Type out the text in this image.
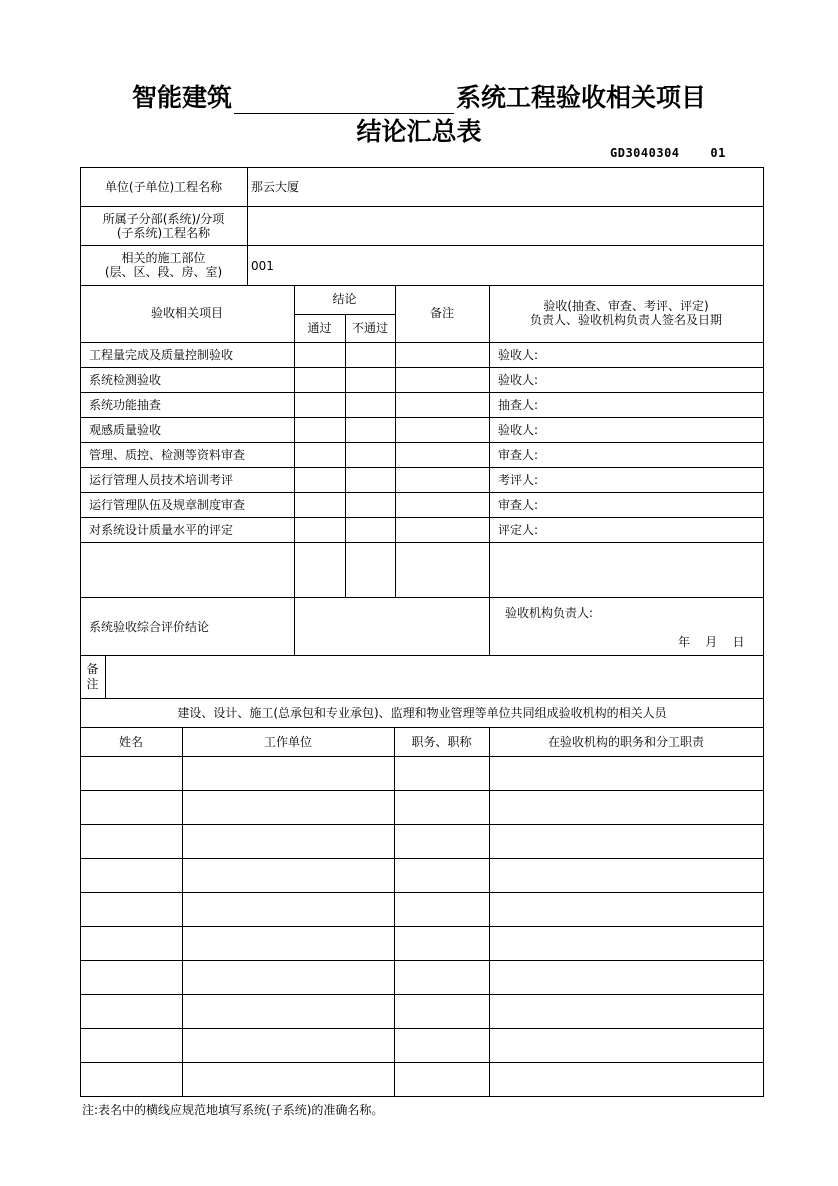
智能建筑	系统工程验收相关项目
结论汇总表
GD3040304    01
单位(子单位)工程名称	那云大厦
所属子分部(系统)/分项
(子系统)工程名称
相关的施工部位
(层、区、段、房、室)	001
验收相关项目
结论
通过	不通过
备注	验收(抽查、审查、考评、评定)
负责人、验收机构负责人签名及日期
工程量完成及质量控制验收	验收人:
系统检测验收	验收人:
系统功能抽查	抽查人:
观感质量验收	验收人:
管理、质控、检测等资料审查	审查人:
运行管理人员技术培训考评	考评人:
运行管理队伍及规章制度审查	审查人:
对系统设计质量水平的评定	评定人:
系统验收综合评价结论
验收机构负责人:
年    月    日
备
注
建设、设计、施工(总承包和专业承包)、监理和物业管理等单位共同组成验收机构的相关人员
姓名	工作单位	职务、职称	在验收机构的职务和分工职责
注:表名中的横线应规范地填写系统(子系统)的准确名称。
